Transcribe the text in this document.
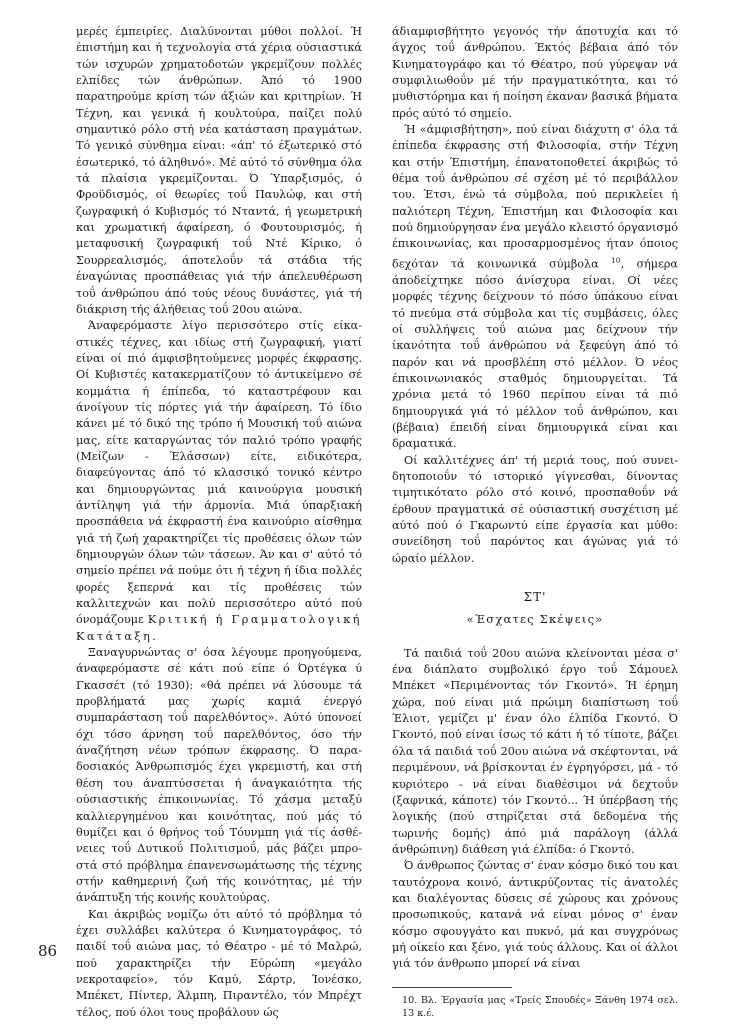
μερές έμπειρίες. Διαλύνονται μύθοι πολλοί. Ή έπιστήμη και ή τεχνολογία στά χέρια ούσιαστικά τών ισχυρών χρηματοδοτών γκρεμίζουν πολλές ελπίδες τών άνθρώπων. Άπό τό 1900 παρατηρούμε κρίση τών άξιών και κριτηρίων. Ή Τέχνη, και γενικά ή κουλτούρα, παίζει πολύ σημαντικό ρόλο στή νέα κατάσταση πραγμάτων. Τό γενικό σύνθημα είναι: «άπ' τό έξωτερικό στό έσωτερικό, τό άληθινό». Μέ αύτό τό σύνθημα όλα τά πλαίσια γκρεμίζονται. Ό Ύπαρξισμός, ό Φροϋδισμός, οί θεωρίες τοΰ Παυλώφ, και στή ζωγραφική ό Κυβισμός τό Νταντά, ή γεωμετρική και χρωματική άφαίρεση, ό Φουτουρισμός, ή μεταφυσική ζωγραφική τοΰ Ντέ Κίρικο, ό Σουρρεαλισμός, άποτελοΰν τά στάδια τής έναγώνιας προσπάθειας γιά τήν άπελευθέρωση τοΰ άνθρώπου άπό τούς νέους δυνάστες, γιά τή διάκριση τής άλήθειας τοΰ 20ου αιώνα.

Άναφερόμαστε λίγο περισσότερο στίς είκαστικές τέχνες, και ιδίως στή ζωγραφική, γιατί είναι οί πιό άμφισβητούμενες μορφές έκφρασης. Οί Κυβιστές κατακερματίζουν τό άντικείμενο σέ κομμάτια ή έπίπεδα, τό καταστρέφουν και άνοίγουν τίς πόρτες γιά τήν άφαίρεση. Τό ίδιο κάνει μέ τό δικό της τρόπο ή Μουσική τοΰ αιώνα μας, είτε καταργώντας τόν παλιό τρόπο γραφής (Μείζων - Έλάσσων) είτε, ειδικότερα, διαφεύγοντας άπό τό κλασσικό τονικό κέντρο και δημιουργώντας μιά καινούργια μουσική άντίληψη γιά τήν άρμονία. Μιά ύπαρξιακή προσπάθεια νά έκφραστή ένα καινούριο αίσθημα γιά τή ζωή χαρακτηρίζει τίς προθέσεις όλων τών δημιουργών όλων τών τάσεων. Άν και σ' αύτό τό σημείο πρέπει νά πούμε ότι ή τέχνη ή ίδια πολλές φορές ξεπερνά και τίς προθέσεις τών καλλιτεχνών και πολύ περισσότερο αύτό πού όνομάζουμε Κριτική ή Γραμματολογική Κατάταξη.

Ξαναγυρνώντας σ' όσα λέγουμε προηγούμενα, άναφερόμαστε σέ κάτι πού είπε ό Όρτέγκα ύ Γκασσέτ (τό 1930): «θά πρέπει νά λύσουμε τά προβλήματά μας χωρίς καμιά ένεργό συμπαράσταση τοΰ παρελθόντος». Αύτό ύπονοεί όχι τόσο άρνηση τοΰ παρελθόντος, όσο τήν άναζήτηση νέων τρόπων έκφρασης. Ό παραδοσιακός Άνθρωπισμός έχει γκρεμιστή, και στή θέση του άναπτύσσεται ή άναγκαιότητα τής ούσιαστικής έπικοινωνίας. Τό χάσμα μεταξύ καλλιεργημένου και κοινότητας, πού μάς τό θυμίζει και ό θρήνος τοΰ Τόυνμπη γιά τίς άσθένειες τοΰ Δυτικοΰ Πολιτισμοΰ, μάς βάζει μπροστά στό πρόβλημα έπανενσωμάτωσης τής τέχνης στήν καθημερινή ζωή τής κοινότητας, μέ τήν άνάπτυξη τής κοινής κουλτούρας.

Και άκριβώς νομίζω ότι αύτό τό πρόβλημα τό έχει συλλάβει καλύτερα ό Κινηματογράφος, τό παιδί τοΰ αιώνα μας, τό Θέατρο - μέ τό Μαλρώ, πού χαρακτηρίζει τήν Εύρώπη «μεγάλο νεκροταφείο», τόν Καμύ, Σάρτρ, Ίονέσκο, Μπέκετ, Πίντερ, Άλμπη, Πιραντέλο, τόν Μπρέχτ τέλος, πού όλοι τους προβάλουν ώς

άδιαμφισβήτητο γεγονός τήν άποτυχία και τό άγχος τοΰ άνθρώπου. Έκτός βέβαια άπό τόν Κινηματογράφο και τό Θέατρο, πού γύρεψαν νά συμφιλιωθοΰν μέ τήν πραγματικότητα, και τό μυθιστόρημα και ή ποίηση έκαναν βασικά βήματα πρός αύτό τό σημείο.

Ή «άμφισβήτηση», πού είναι διάχυτη σ' όλα τά έπίπεδα έκφρασης στή Φιλοσοφία, στήν Τέχνη και στήν Έπιστήμη, έπανατοποθετεί άκριβώς τό θέμα τοΰ άνθρώπου σέ σχέση μέ τό περιβάλλον του. Έτσι, ένώ τά σύμβολα, πού περικλείει ή παλιότερη Τέχνη, Έπιστήμη και Φιλοσοφία και πού δημιούργησαν ένα μεγάλο κλειστό όργανισμό έπικοινωνίας, και προσαρμοσμένος ήταν όποιος δεχόταν τά κοινωνικά σύμβολα $^{10}$, σήμερα άποδείχτηκε πόσο άνίσχυρα είναι. Οί νέες μορφές τέχνης δείχνουν τό πόσο ύπάκουο είναι τό πνεύμα στά σύμβολα και τίς συμβάσεις, όλες οί συλλήψεις τοΰ αιώνα μας δείχνουν τήν ίκανότητα τοΰ άνθρώπου νά ξεφεύγη άπό τό παρόν και νά προσβλέπη στό μέλλον. Ό νέος έπικοινωνιακός σταθμός δημιουργείται. Τά χρόνια μετά τό 1960 περίπου είναι τά πιό δημιουργικά γιά τό μέλλον τοΰ άνθρώπου, και (βέβαια) έπειδή είναι δημιουργικά είναι και δραματικά.

Οί καλλιτέχνες άπ' τή μεριά τους, πού συνειδητοποιοΰν τό ιστορικό γίγνεσθαι, δίνοντας τιμητικότατο ρόλο στό κοινό, προσπαθοΰν νά έρθουν πραγματικά σέ ούσιαστική συσχέτιση μέ αύτό πού ό Γκαρωντύ είπε έργασία και μύθο: συνείδηση τοΰ παρόντος και άγώνας γιά τό ώραίο μέλλον.

ΣΤ'
«Έσχατες Σκέψεις»

Τά παιδιά τοΰ 20ου αιώνα κλείνονται μέσα σ' ένα διάπλατο συμβολικό έργο τοΰ Σάμουελ Μπέκετ «Περιμένοντας τόν Γκοντό». Ή έρημη χώρα, πού είναι μιά πρώιμη διαπίστωση τοΰ Έλιοτ, γεμίζει μ' έναν όλο έλπίδα Γκοντό. Ό Γκοντό, πού είναι ίσως τό κάτι ή τό τίποτε, βάζει όλα τά παιδιά τοΰ 20ου αιώνα νά σκέφτονται, νά περιμένουν, νά βρίσκονται έν έγρηγόρσει, μά - τό κυριότερο - νά είναι διαθέσιμοι νά δεχτοΰν (ξαφνικά, κάποτε) τόν Γκοντό... Ή ύπέρβαση τής λογικής (πού στηρίζεται στά δεδομένα τής τωρινής δομής) άπό μιά παράλογη (άλλά άνθρώπινη) διάθεση γιά έλπίδα: ό Γκοντό.

Ό άνθρωπος ζώντας σ' έναν κόσμο δικό του και ταυτόχρονα κοινό, άντικρύζοντας τίς άνατολές και διαλέγοντας δύσεις σέ χώρους και χρόνους προσωπικούς, κατανά νά είναι μόνος σ' έναν κόσμο σφουγγάτο και πυκνό, μά και συγχρόνως μή οίκείο και ξένο, γιά τούς άλλους. Και οί άλλοι γιά τόν άνθρωπο μπορεί νά είναι

10. Βλ. Έργασία μας «Τρείς Σπουδές» Ξάνθη 1974 σελ. 13 κ.έ.

86
